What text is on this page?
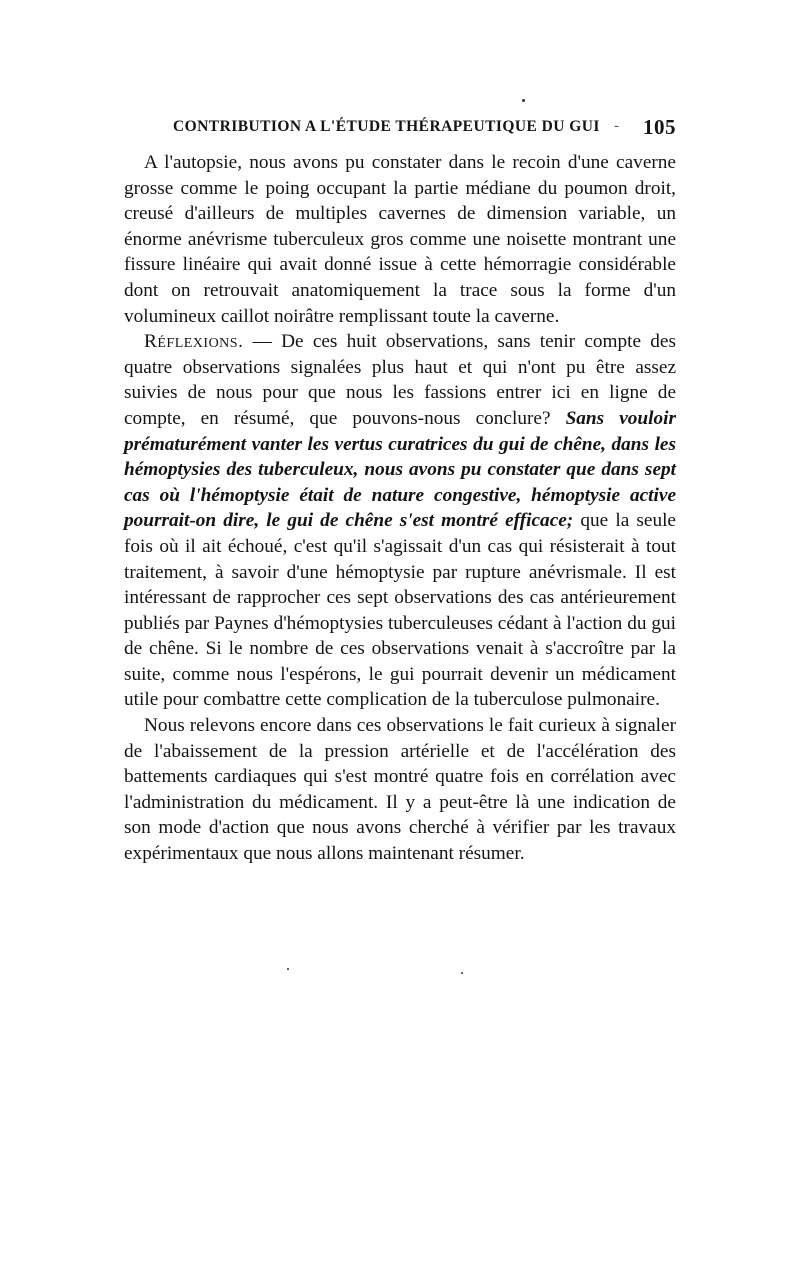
CONTRIBUTION A L'ÉTUDE THÉRAPEUTIQUE DU GUI - 105

A l'autopsie, nous avons pu constater dans le recoin d'une caverne grosse comme le poing occupant la partie médiane du poumon droit, creusé d'ailleurs de multiples cavernes de dimension variable, un énorme anévrisme tuberculeux gros comme une noisette montrant une fissure linéaire qui avait donné issue à cette hémorragie considérable dont on retrouvait anatomiquement la trace sous la forme d'un volumineux caillot noirâtre remplissant toute la caverne.

Réflexions. — De ces huit observations, sans tenir compte des quatre observations signalées plus haut et qui n'ont pu être assez suivies de nous pour que nous les fassions entrer ici en ligne de compte, en résumé, que pouvons-nous conclure? Sans vouloir prématurément vanter les vertus curatrices du gui de chêne, dans les hémoptysies des tuberculeux, nous avons pu constater que dans sept cas où l'hémoptysie était de nature congestive, hémoptysie active pourrait-on dire, le gui de chêne s'est montré efficace; que la seule fois où il ait échoué, c'est qu'il s'agissait d'un cas qui résisterait à tout traitement, à savoir d'une hémoptysie par rupture anévrismale. Il est intéressant de rapprocher ces sept observations des cas antérieurement publiés par Paynes d'hémoptysies tuberculeuses cédant à l'action du gui de chêne. Si le nombre de ces observations venait à s'accroître par la suite, comme nous l'espérons, le gui pourrait devenir un médicament utile pour combattre cette complication de la tuberculose pulmonaire.

Nous relevons encore dans ces observations le fait curieux à signaler de l'abaissement de la pression artérielle et de l'accélération des battements cardiaques qui s'est montré quatre fois en corrélation avec l'administration du médicament. Il y a peut-être là une indication de son mode d'action que nous avons cherché à vérifier par les travaux expérimentaux que nous allons maintenant résumer.
